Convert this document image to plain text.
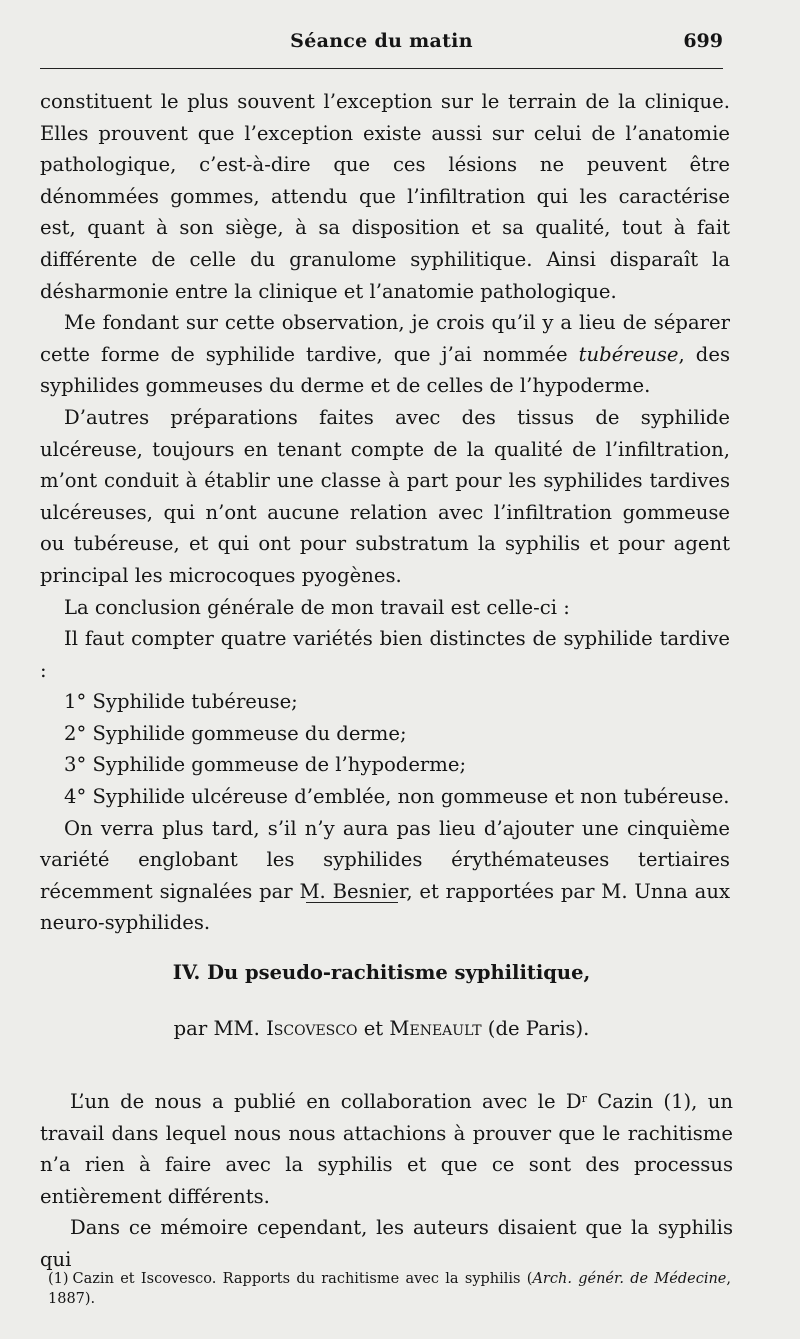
Séance du matin	699

constituent le plus souvent l’exception sur le terrain de la clinique. Elles prouvent que l’exception existe aussi sur celui de l’anatomie pathologique, c’est-à-dire que ces lésions ne peuvent être dénommées gommes, attendu que l’infiltration qui les caractérise est, quant à son siège, à sa disposition et sa qualité, tout à fait différente de celle du granulome syphilitique. Ainsi disparaît la désharmonie entre la clinique et l’anatomie pathologique.

Me fondant sur cette observation, je crois qu’il y a lieu de séparer cette forme de syphilide tardive, que j’ai nommée tubéreuse, des syphilides gommeuses du derme et de celles de l’hypoderme.

D’autres préparations faites avec des tissus de syphilide ulcéreuse, toujours en tenant compte de la qualité de l’infiltration, m’ont conduit à établir une classe à part pour les syphilides tardives ulcéreuses, qui n’ont aucune relation avec l’infiltration gommeuse ou tubéreuse, et qui ont pour substratum la syphilis et pour agent principal les microcoques pyogènes.

La conclusion générale de mon travail est celle-ci :

Il faut compter quatre variétés bien distinctes de syphilide tardive :

1° Syphilide tubéreuse;

2° Syphilide gommeuse du derme;

3° Syphilide gommeuse de l’hypoderme;

4° Syphilide ulcéreuse d’emblée, non gommeuse et non tubéreuse.

On verra plus tard, s’il n’y aura pas lieu d’ajouter une cinquième variété englobant les syphilides érythémateuses tertiaires récemment signalées par M. Besnier, et rapportées par M. Unna aux neuro-syphilides.

IV. Du pseudo-rachitisme syphilitique,
par MM. Iscovesco et Meneault (de Paris).

L’un de nous a publié en collaboration avec le $D^r$ Cazin (1), un travail dans lequel nous nous attachions à prouver que le rachitisme n’a rien à faire avec la syphilis et que ce sont des processus entièrement différents.

Dans ce mémoire cependant, les auteurs disaient que la syphilis qui

(1) Cazin et Iscovesco. Rapports du rachitisme avec la syphilis (Arch. génér. de Médecine, 1887).
